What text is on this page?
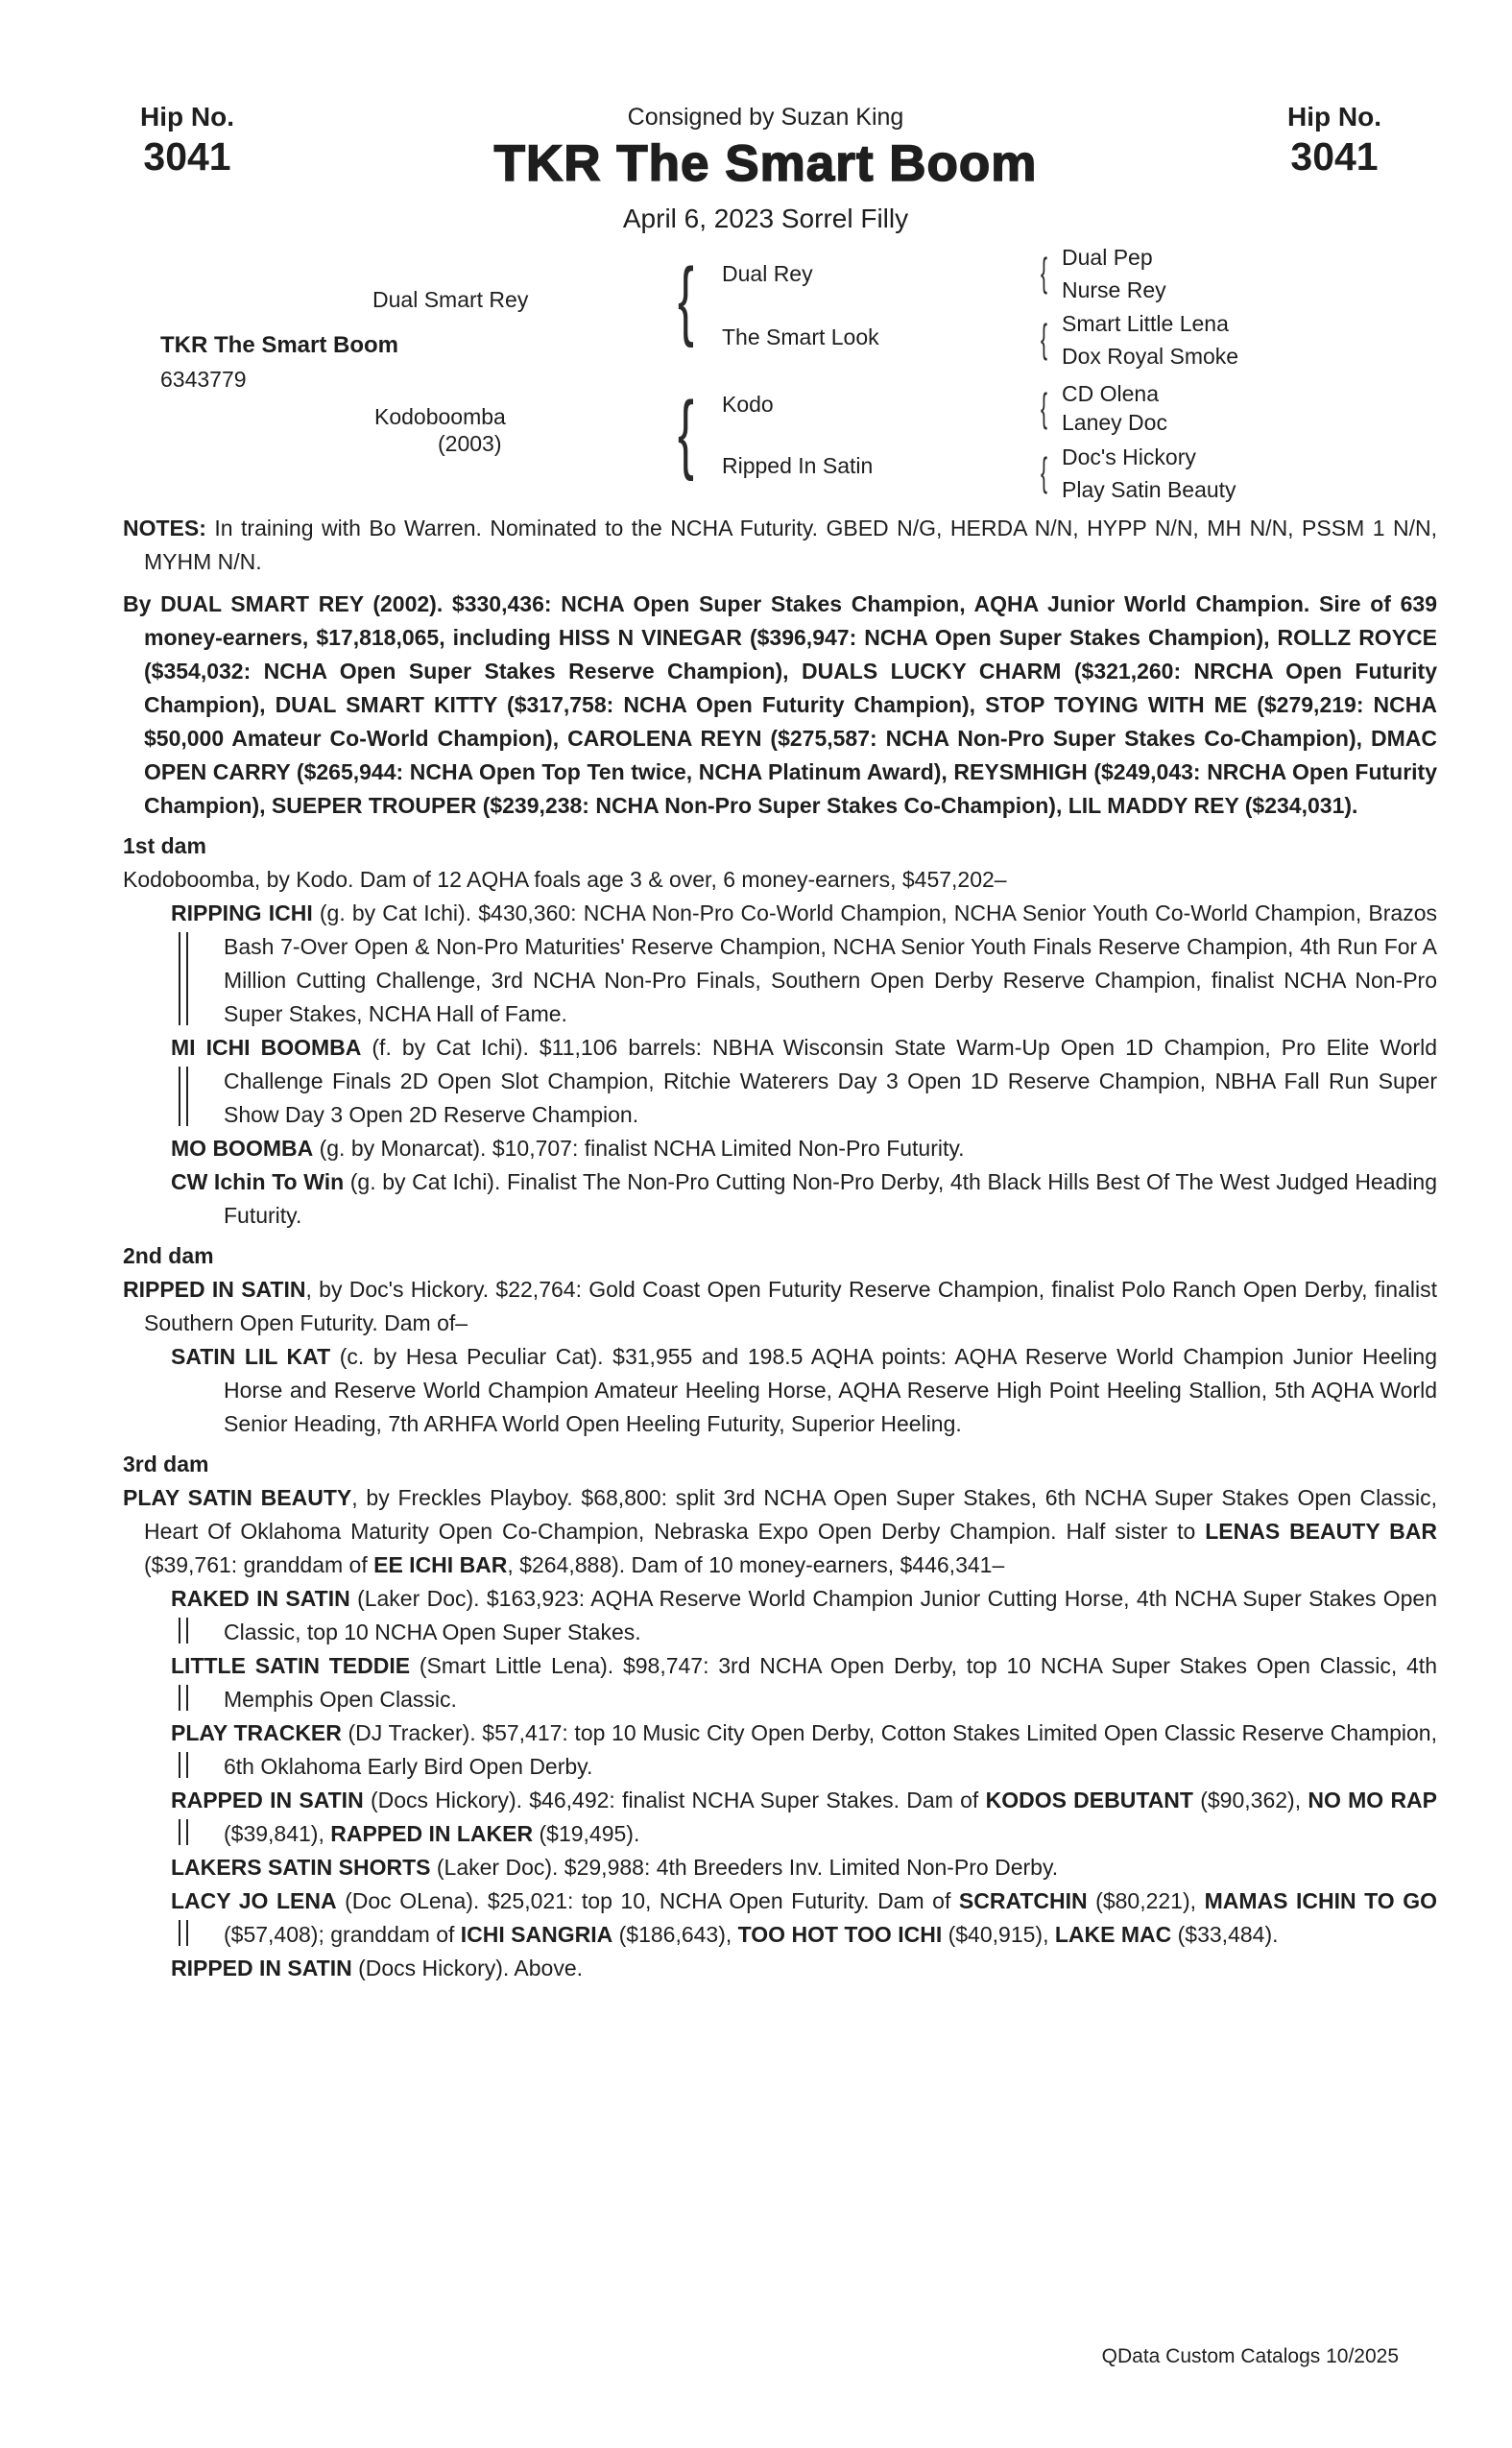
Hip No.
3041
Hip No.
3041
Consigned by Suzan King
TKR The Smart Boom
April 6, 2023 Sorrel Filly
TKR The Smart Boom
6343779
Dual Smart Rey
Kodoboomba
(2003)
{
{
Dual Rey
The Smart Look
Kodo
Ripped In Satin
{
{
{
{
Dual Pep
Nurse Rey
Smart Little Lena
Dox Royal Smoke
CD Olena
Laney Doc
Doc's Hickory
Play Satin Beauty

NOTES: In training with Bo Warren. Nominated to the NCHA Futurity. GBED N/G, HERDA N/N, HYPP N/N, MH N/N, PSSM 1 N/N, MYHM N/N.

By DUAL SMART REY (2002). $330,436: NCHA Open Super Stakes Champion, AQHA Junior World Champion. Sire of 639 money-earners, $17,818,065, including HISS N VINEGAR ($396,947: NCHA Open Super Stakes Champion), ROLLZ ROYCE ($354,032: NCHA Open Super Stakes Reserve Champion), DUALS LUCKY CHARM ($321,260: NRCHA Open Futurity Champion), DUAL SMART KITTY ($317,758: NCHA Open Futurity Champion), STOP TOYING WITH ME ($279,219: NCHA $50,000 Amateur Co-World Champion), CAROLENA REYN ($275,587: NCHA Non-Pro Super Stakes Co-Champion), DMAC OPEN CARRY ($265,944: NCHA Open Top Ten twice, NCHA Platinum Award), REYSMHIGH ($249,043: NRCHA Open Futurity Champion), SUEPER TROUPER ($239,238: NCHA Non-Pro Super Stakes Co-Champion), LIL MADDY REY ($234,031).

1st dam

Kodoboomba, by Kodo. Dam of 12 AQHA foals age 3 & over, 6 money-earners, $457,202–

RIPPING ICHI (g. by Cat Ichi). $430,360: NCHA Non-Pro Co-World Champion, NCHA Senior Youth Co-World Champion, Brazos Bash 7-Over Open & Non-Pro Maturities' Reserve Champion, NCHA Senior Youth Finals Reserve Champion, 4th Run For A Million Cutting Challenge, 3rd NCHA Non-Pro Finals, Southern Open Derby Reserve Champion, finalist NCHA Non-Pro Super Stakes, NCHA Hall of Fame.
MI ICHI BOOMBA (f. by Cat Ichi). $11,106 barrels: NBHA Wisconsin State Warm-Up Open 1D Champion, Pro Elite World Challenge Finals 2D Open Slot Champion, Ritchie Waterers Day 3 Open 1D Reserve Champion, NBHA Fall Run Super Show Day 3 Open 2D Reserve Champion.
MO BOOMBA (g. by Monarcat). $10,707: finalist NCHA Limited Non-Pro Futurity.
CW Ichin To Win (g. by Cat Ichi). Finalist The Non-Pro Cutting Non-Pro Derby, 4th Black Hills Best Of The West Judged Heading Futurity.

2nd dam

RIPPED IN SATIN, by Doc's Hickory. $22,764: Gold Coast Open Futurity Reserve Champion, finalist Polo Ranch Open Derby, finalist Southern Open Futurity. Dam of–

SATIN LIL KAT (c. by Hesa Peculiar Cat). $31,955 and 198.5 AQHA points: AQHA Reserve World Champion Junior Heeling Horse and Reserve World Champion Amateur Heeling Horse, AQHA Reserve High Point Heeling Stallion, 5th AQHA World Senior Heading, 7th ARHFA World Open Heeling Futurity, Superior Heeling.

3rd dam

PLAY SATIN BEAUTY, by Freckles Playboy. $68,800: split 3rd NCHA Open Super Stakes, 6th NCHA Super Stakes Open Classic, Heart Of Oklahoma Maturity Open Co-Champion, Nebraska Expo Open Derby Champion. Half sister to LENAS BEAUTY BAR ($39,761: granddam of EE ICHI BAR, $264,888). Dam of 10 money-earners, $446,341–

RAKED IN SATIN (Laker Doc). $163,923: AQHA Reserve World Champion Junior Cutting Horse, 4th NCHA Super Stakes Open Classic, top 10 NCHA Open Super Stakes.
LITTLE SATIN TEDDIE (Smart Little Lena). $98,747: 3rd NCHA Open Derby, top 10 NCHA Super Stakes Open Classic, 4th Memphis Open Classic.
PLAY TRACKER (DJ Tracker). $57,417: top 10 Music City Open Derby, Cotton Stakes Limited Open Classic Reserve Champion, 6th Oklahoma Early Bird Open Derby.
RAPPED IN SATIN (Docs Hickory). $46,492: finalist NCHA Super Stakes. Dam of KODOS DEBUTANT ($90,362), NO MO RAP ($39,841), RAPPED IN LAKER ($19,495).
LAKERS SATIN SHORTS (Laker Doc). $29,988: 4th Breeders Inv. Limited Non-Pro Derby.
LACY JO LENA (Doc OLena). $25,021: top 10, NCHA Open Futurity. Dam of SCRATCHIN ($80,221), MAMAS ICHIN TO GO ($57,408); granddam of ICHI SANGRIA ($186,643), TOO HOT TOO ICHI ($40,915), LAKE MAC ($33,484).
RIPPED IN SATIN (Docs Hickory). Above.
QData Custom Catalogs 10/2025
